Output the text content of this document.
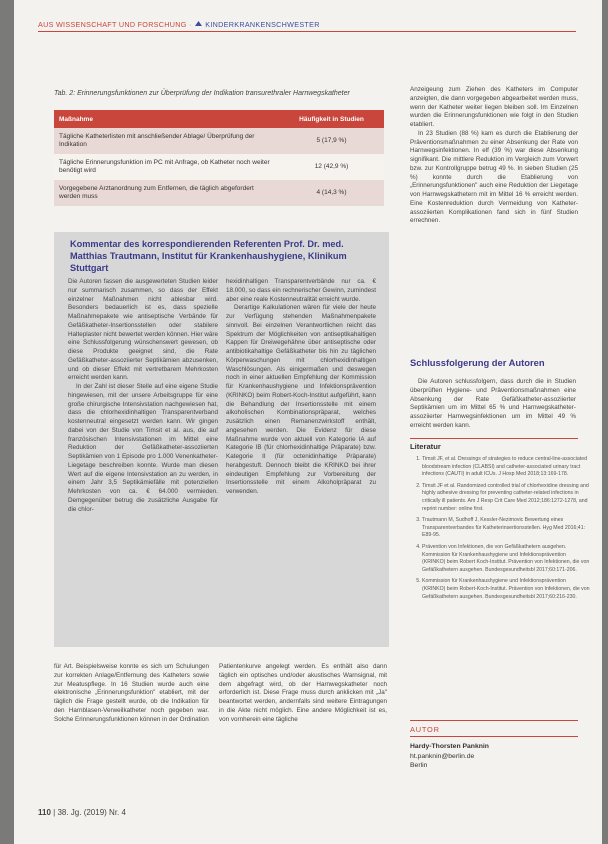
AUS WISSENSCHAFT UND FORSCHUNG · KINDERKRANKENSCHWESTER
Tab. 2: Erinnerungsfunktionen zur Überprüfung der Indikation transurethraler Harnwegskatheter
Maßnahme	Häufigkeit in Studien
Tägliche Katheterlisten mit anschließender Ablage/ Überprüfung der Indikation	5 (17,9 %)
Tägliche Erinnerungsfunktion im PC mit Anfrage, ob Katheter noch weiter benötigt wird	12 (42,9 %)
Vorgegebene Arztanordnung zum Entfernen, die täglich abgefordert werden muss	4 (14,3 %)
Kommentar des korrespondierenden Referenten Prof. Dr. med. Matthias Trautmann, Institut für Krankenhaushygiene, Klinikum Stuttgart

Die Autoren fassen die ausgewerteten Studien leider nur summarisch zusammen, so dass der Effekt einzelner Maßnahmen nicht ablesbar wird. Besonders bedauerlich ist es, dass spezielle Maßnahmepakete wie antiseptische Verbände für Gefäßkatheter-Insertionsstellen oder stabilere Halteplaster nicht bewertet werden können. Hier wäre eine Schlussfolgerung wünschenswert gewesen, ob diese Produkte geeignet sind, die Rate Gefäßkatheter-assoziierter Septikämien abzusenken, und ob dieser Effekt mit vertretbarem Mehrkosten erreicht werden kann.

In der Zahl ist dieser Stelle auf eine eigene Studie hingewiesen, mit der unsere Arbeitsgruppe für eine große chirurgische Intensivstation nachgewiesen hat, dass die chlorhexidinhaltigen Transparentverband kostenneutral eingesetzt werden kann. Wir gingen dabei von der Studie von Timsit et al. aus, die auf französischen Intensivstationen im Mittel eine Reduktion der Gefäßkatheter-assoziierten Septikämien von 1 Episode pro 1.000 Venenkatheter-Liegetage beschreiben konnte. Wurde man diesen Wert auf die eigene Intensivstation an zu werden, in einem Jahr 3,5 Septikämiefälle mit potenziellen Mehrkosten von ca. € 64.000 vermieden. Demgegenüber betrug die zusätzliche Ausgabe für die chlor-

hexidinhaltigen Transparentverbände nur ca. € 18.000, so dass ein rechnerischer Gewinn, zumindest aber eine reale Kostenneutralität erreicht wurde.

Derartige Kalkulationen wären für viele der heute zur Verfügung stehenden Maßnahmenpakete sinnvoll. Bei einzelnen Verantwortlichen reicht das Spektrum der Möglichkeiten von antiseptikahaltigen Kappen für Dreiwegehähne über antiseptische oder antibiotikahaltige Gefäßkatheter bis hin zu täglichen Körperwaschungen mit chlorhexidinhaltigen Waschlösungen. Als einigermaßen und deswegen noch in einer aktuellen Empfehlung der Kommission für Krankenhaushygiene und Infektionsprävention (KRINKO) beim Robert-Koch-Institut aufgeführt, kann die Behandlung der Insertionsstelle mit einem alkoholischen Kombinationspräparat, welches zusätzlich einen Remanenzwirkstoff enthält, angesehen werden. Die Evidenz für diese Maßnahme wurde von aktuell von Kategorie IA auf Kategorie IB (für chlorhexidinhaltige Präparate) bzw. Kategorie II (für octenidinhaltige Präparate) herabgestuft. Dennoch bleibt die KRINKO bei ihrer eindeutigen Empfehlung zur Vorbereitung der Insertionsstelle mit einem Alkoholpräparat zu verwenden.

Anzeigeung zum Ziehen des Katheters im Computer anzeigten, die dann vorgegeben abgearbeitet werden muss, wenn der Katheter weiter liegen bleiben soll. Im Einzelnen wurden die Erinnerungsfunktionen wie folgt in den Studien etabliert.

In 23 Studien (88 %) kam es durch die Etablierung der Präventionsmaßnahmen zu einer Absenkung der Rate von Harnwegsinfektionen. In elf (39 %) war diese Absenkung signifikant. Die mittlere Reduktion im Vergleich zum Vorwert bzw. zur Kontrollgruppe betrug 49 %. In sieben Studien (25 %) konnte durch die Etablierung von „Erinnerungsfunktionen" auch eine Reduktion der Liegetage von Harnwegskathetern mit im Mittel 16 % erreicht werden. Eine Kostenreduktion durch Vermeidung von Katheter-assoziierten Komplikationen fand sich in fünf Studien errechnen.

Schlussfolgerung der Autoren

Die Autoren schlussfolgern, dass durch die in Studien überprüften Hygiene- und Präventionsmaßnahmen eine Absenkung der Rate Gefäßkatheter-assoziierter Septikämien um im Mittel 65 % und Harnwegskatheter-assoziierter Harnwegsinfektionen um im Mittel 49 % erreicht werden kann.

Literatur
1. Timsit JF, et al. Dressings of strategies to reduce central-line-associated bloodstream infection (CLABSI) and catheter-associated urinary tract infections (CAUTI) in adult ICUs. J Hosp Med 2018;13:169-178.
2. Timsit JF et al. Randomized controlled trial of chlorhexidine dressing and highly adhesive dressing for preventing catheter-related infections in critically ill patients. Am J Resp Crit Care Med 2012;186:1272-1278, and reprint number: online first.
3. Trautmann M, Sudhoff J, Kessler-Nezimovic Bewertung eines Transparentverbandes für Katheterinsertionsstellen. Hyg Med 2016;41: E89-95.
4. Prävention von Infektionen, die von Gefäßkathetern ausgehen. Kommission für Krankenhaushygiene und Infektionsprävention (KRINKO) beim Robert Koch-Institut. Prävention von Infektionen, die von Gefäßkathetern ausgehen. Bundesgesundheitsbl 2017;60:171-206.
5. Kommission für Krankenhaushygiene und Infektionsprävention (KRINKO) beim Robert-Koch-Institut. Prävention von Infektionen, die von Gefäßkathetern ausgehen. Bundesgesundheitsbl 2017;60:216-230.
AUTOR
Hardy-Thorsten Panknin
ht.panknin@berlin.de
Berlin

für Art. Beispielsweise konnte es sich um Schulungen zur korrekten Anlage/Entfernung des Katheters sowie zur Meatuspflege. In 16 Studien wurde auch eine elektronische „Erinnerungsfunktion" etabliert, mit der täglich die Frage gestellt wurde, ob die Indikation für den Harnblasen-Verweilkatheter noch gegeben war. Solche Erinnerungsfunktionen können in der Ordination

Patientenkurve angelegt werden. Es enthält also dann täglich ein optisches und/oder akustisches Warnsignal, mit dem abgefragt wird, ob der Harnwegskatheter noch erforderlich ist. Diese Frage muss durch anklicken mit „Ja" beantwortet werden, andernfalls sind weitere Eintragungen in die Akte nicht möglich. Eine andere Möglichkeit ist es, von vornherein eine tägliche

110 | 38. Jg. (2019) Nr. 4
